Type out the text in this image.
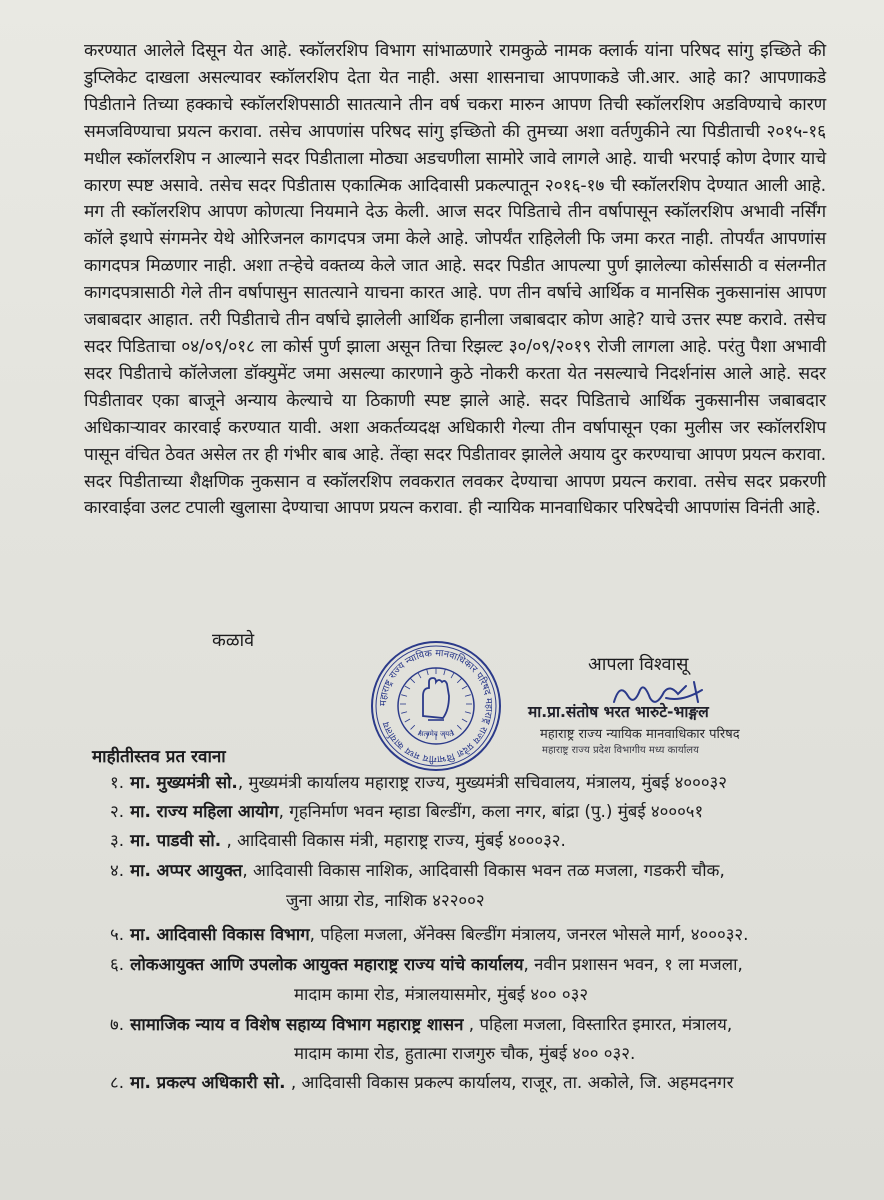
करण्यात आलेले दिसून येत आहे. स्कॉलरशिप विभाग सांभाळणारे रामकुळे नामक क्लार्क यांना परिषद सांगु इच्छिते की डुप्लिकेट दाखला असल्यावर स्कॉलरशिप देता येत नाही. असा शासनाचा आपणाकडे जी.आर. आहे का? आपणाकडे पिडीताने तिच्या हक्काचे स्कॉलरशिपसाठी सातत्याने तीन वर्ष चकरा मारुन आपण तिची स्कॉलरशिप अडविण्याचे कारण समजविण्याचा प्रयत्न करावा. तसेच आपणांस परिषद सांगु इच्छितो की तुमच्या अशा वर्तणुकीने त्या पिडीताची २०१५-१६ मधील स्कॉलरशिप न आल्याने सदर पिडीताला मोठ्या अडचणीला सामोरे जावे लागले आहे. याची भरपाई कोण देणार याचे कारण स्पष्ट असावे. तसेच सदर पिडीतास एकात्मिक आदिवासी प्रकल्पातून २०१६-१७ ची स्कॉलरशिप देण्यात आली आहे. मग ती स्कॉलरशिप आपण कोणत्या नियमाने देऊ केली. आज सदर पिडिताचे तीन वर्षापासून स्कॉलरशिप अभावी नर्सिंग कॉले इथापे संगमनेर येथे ओरिजनल कागदपत्र जमा केले आहे. जोपर्यंत राहिलेली फि जमा करत नाही. तोपर्यंत आपणांस कागदपत्र मिळणार नाही. अशा तऱ्हेचे वक्तव्य केले जात आहे. सदर पिडीत आपल्या पुर्ण झालेल्या कोर्ससाठी व संलग्नीत कागदपत्रासाठी गेले तीन वर्षापासुन सातत्याने याचना कारत आहे. पण तीन वर्षाचे आर्थिक व मानसिक नुकसानांस आपण जबाबदार आहात. तरी पिडीताचे तीन वर्षाचे झालेली आर्थिक हानीला जबाबदार कोण आहे? याचे उत्तर स्पष्ट करावे. तसेच सदर पिडिताचा ०४/०९/०१८ ला कोर्स पुर्ण झाला असून तिचा रिझल्ट ३०/०९/२०१९ रोजी लागला आहे. परंतु पैशा अभावी सदर पिडीताचे कॉलेजला डॉक्युमेंट जमा असल्या कारणाने कुठे नोकरी करता येत नसल्याचे निदर्शनांस आले आहे. सदर पिडीतावर एका बाजूने अन्याय केल्याचे या ठिकाणी स्पष्ट झाले आहे. सदर पिडिताचे आर्थिक नुकसानीस जबाबदार अधिकाऱ्यावर कारवाई करण्यात यावी. अशा अकर्तव्यदक्ष अधिकारी गेल्या तीन वर्षापासून एका मुलीस जर स्कॉलरशिप पासून वंचित ठेवत असेल तर ही गंभीर बाब आहे. तेंव्हा सदर पिडीतावर झालेले अयाय दुर करण्याचा आपण प्रयत्न करावा. सदर पिडीताच्या शैक्षणिक नुकसान व स्कॉलरशिप लवकरात लवकर देण्याचा आपण प्रयत्न करावा. तसेच सदर प्रकरणी कारवाईवा उलट टपाली खुलासा देण्याचा आपण प्रयत्न करावा. ही न्यायिक मानवाधिकार परिषदेची आपणांस विनंती आहे.

कळावे
महाराष्ट्र राज्य न्यायिक मानवाधिकार परिषद महाराष्ट्र राज्य प्रदेश विभागीय मध्य कार्यालय
सत्यमेव जयते
आपला विश्वासू
मा.प्रा.संतोष भरत भारुटे-भाङ्गल
महाराष्ट्र राज्य न्यायिक मानवाधिकार परिषद
महाराष्ट्र राज्य प्रदेश विभागीय मध्य कार्यालय
माहीतीस्तव प्रत रवाना
१. मा. मुख्यमंत्री सो., मुख्यमंत्री कार्यालय महाराष्ट्र राज्य, मुख्यमंत्री सचिवालय, मंत्रालय, मुंबई ४०००३२
२. मा. राज्य महिला आयोग, गृहनिर्माण भवन म्हाडा बिल्डींग, कला नगर, बांद्रा (पु.) मुंबई ४०००५१
३. मा. पाडवी सो. , आदिवासी विकास मंत्री, महाराष्ट्र राज्य, मुंबई ४०००३२.
४. मा. अप्पर आयुक्त, आदिवासी विकास नाशिक, आदिवासी विकास भवन तळ मजला, गडकरी चौक,
जुना आग्रा रोड, नाशिक ४२२००२
५. मा. आदिवासी विकास विभाग, पहिला मजला, ॲनेक्स बिल्डींग मंत्रालय, जनरल भोसले मार्ग, ४०००३२.
६. लोकआयुक्त आणि उपलोक आयुक्त महाराष्ट्र राज्य यांचे कार्यालय, नवीन प्रशासन भवन, १ ला मजला,
मादाम कामा रोड, मंत्रालयासमोर, मुंबई ४०० ०३२
७. सामाजिक न्याय व विशेष सहाय्य विभाग महाराष्ट्र शासन , पहिला मजला, विस्तारित इमारत, मंत्रालय,
मादाम कामा रोड, हुतात्मा राजगुरु चौक, मुंबई ४०० ०३२.
८. मा. प्रकल्प अधिकारी सो. , आदिवासी विकास प्रकल्प कार्यालय, राजूर, ता. अकोले, जि. अहमदनगर
